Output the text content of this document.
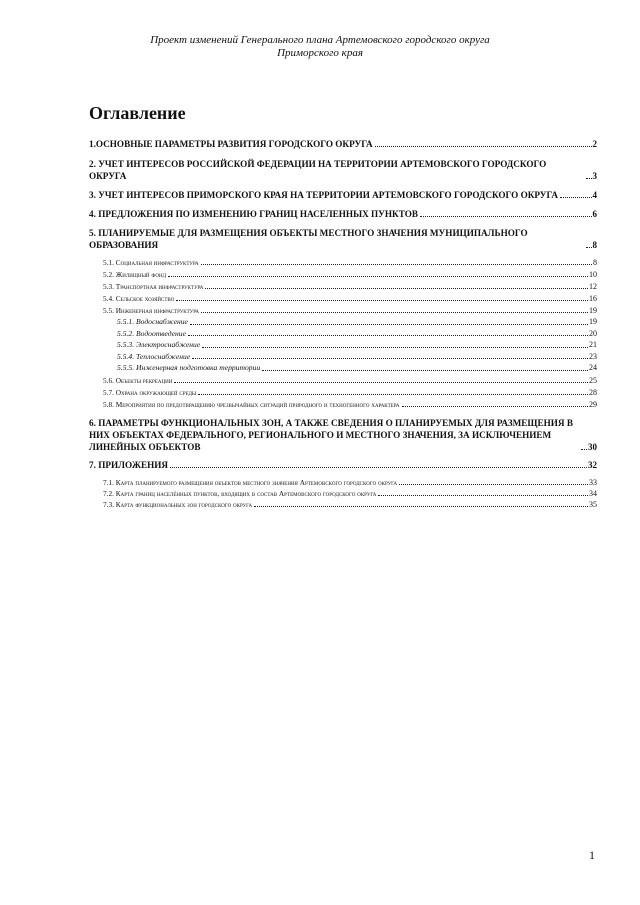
Проект изменений Генерального плана Артемовского городского округа
Приморского края
Оглавление
1.ОСНОВНЫЕ ПАРАМЕТРЫ РАЗВИТИЯ ГОРОДСКОГО ОКРУГА	2
2. УЧЕТ ИНТЕРЕСОВ РОССИЙСКОЙ ФЕДЕРАЦИИ НА ТЕРРИТОРИИ АРТЕМОВСКОГО ГОРОДСКОГО ОКРУГА	3
3. УЧЕТ ИНТЕРЕСОВ ПРИМОРСКОГО КРАЯ НА ТЕРРИТОРИИ АРТЕМОВСКОГО ГОРОДСКОГО ОКРУГА	4
4. ПРЕДЛОЖЕНИЯ ПО ИЗМЕНЕНИЮ ГРАНИЦ НАСЕЛЕННЫХ ПУНКТОВ	6
5. ПЛАНИРУЕМЫЕ ДЛЯ РАЗМЕЩЕНИЯ ОБЪЕКТЫ МЕСТНОГО ЗНАЧЕНИЯ МУНИЦИПАЛЬНОГО ОБРАЗОВАНИЯ	8
5.1. Социальная инфраструктура	8
5.2. Жилищный фонд	10
5.3. Транспортная инфраструктура	12
5.4. Сельское хозяйство	16
5.5. Инженерная инфраструктура	19
5.5.1. Водоснабжение	19
5.5.2. Водоотведение	20
5.5.3. Электроснабжение	21
5.5.4. Теплоснабжение	23
5.5.5. Инженерная подготовка территории	24
5.6. Объекты рекреации	25
5.7. Охрана окружающей среды	28
5.8. Мероприятия по предотвращению чрезвычайных ситуаций природного и техногенного характера	29
6. ПАРАМЕТРЫ ФУНКЦИОНАЛЬНЫХ ЗОН, А ТАКЖЕ СВЕДЕНИЯ О ПЛАНИРУЕМЫХ ДЛЯ РАЗМЕЩЕНИЯ В НИХ ОБЪЕКТАХ ФЕДЕРАЛЬНОГО, РЕГИОНАЛЬНОГО И МЕСТНОГО ЗНАЧЕНИЯ, ЗА ИСКЛЮЧЕНИЕМ ЛИНЕЙНЫХ ОБЪЕКТОВ	30
7. ПРИЛОЖЕНИЯ	32
7.1. Карта планируемого размещения объектов местного значения Артемовского городского округа	33
7.2. Карта границ населённых пунктов, входящих в состав Артемовского городского округа	34
7.3. Карта функциональных зон городского округа	35
1
